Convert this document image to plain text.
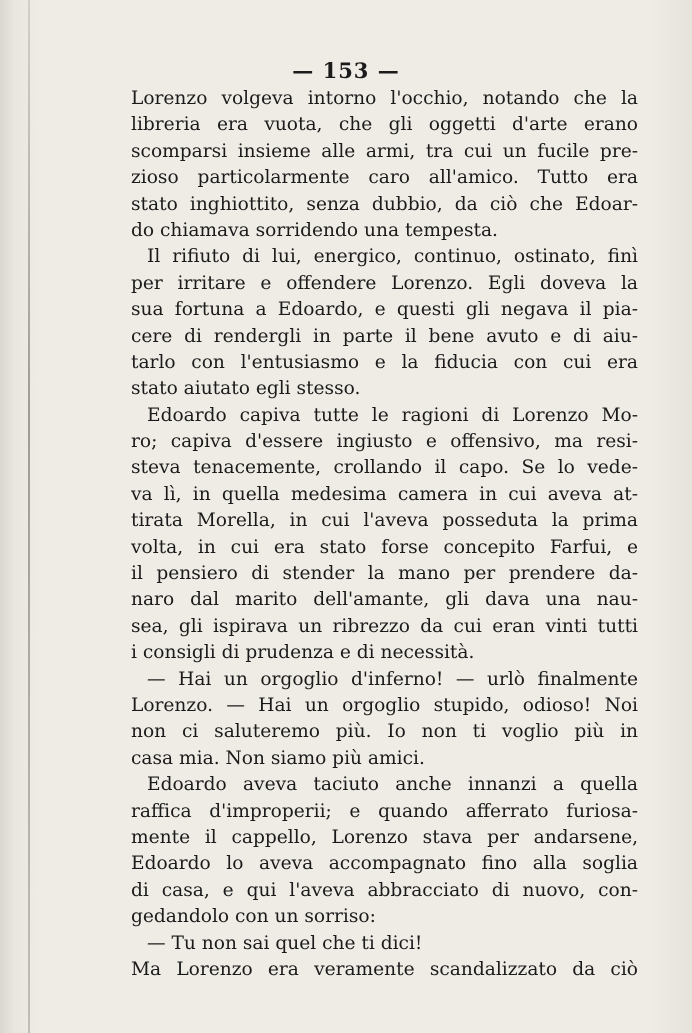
— 153 —
Lorenzo volgeva intorno l'occhio, notando che la
libreria era vuota, che gli oggetti d'arte erano
scomparsi insieme alle armi, tra cui un fucile pre-
zioso particolarmente caro all'amico. Tutto era
stato inghiottito, senza dubbio, da ciò che Edoar-
do chiamava sorridendo una tempesta.
Il rifiuto di lui, energico, continuo, ostinato, finì
per irritare e offendere Lorenzo. Egli doveva la
sua fortuna a Edoardo, e questi gli negava il pia-
cere di rendergli in parte il bene avuto e di aiu-
tarlo con l'entusiasmo e la fiducia con cui era
stato aiutato egli stesso.
Edoardo capiva tutte le ragioni di Lorenzo Mo-
ro; capiva d'essere ingiusto e offensivo, ma resi-
steva tenacemente, crollando il capo. Se lo vede-
va lì, in quella medesima camera in cui aveva at-
tirata Morella, in cui l'aveva posseduta la prima
volta, in cui era stato forse concepito Farfui, e
il pensiero di stender la mano per prendere da-
naro dal marito dell'amante, gli dava una nau-
sea, gli ispirava un ribrezzo da cui eran vinti tutti
i consigli di prudenza e di necessità.
— Hai un orgoglio d'inferno! — urlò finalmente
Lorenzo. — Hai un orgoglio stupido, odioso! Noi
non ci saluteremo più. Io non ti voglio più in
casa mia. Non siamo più amici.
Edoardo aveva taciuto anche innanzi a quella
raffica d'improperii; e quando afferrato furiosa-
mente il cappello, Lorenzo stava per andarsene,
Edoardo lo aveva accompagnato fino alla soglia
di casa, e qui l'aveva abbracciato di nuovo, con-
gedandolo con un sorriso:
— Tu non sai quel che ti dici!
Ma Lorenzo era veramente scandalizzato da ciò
